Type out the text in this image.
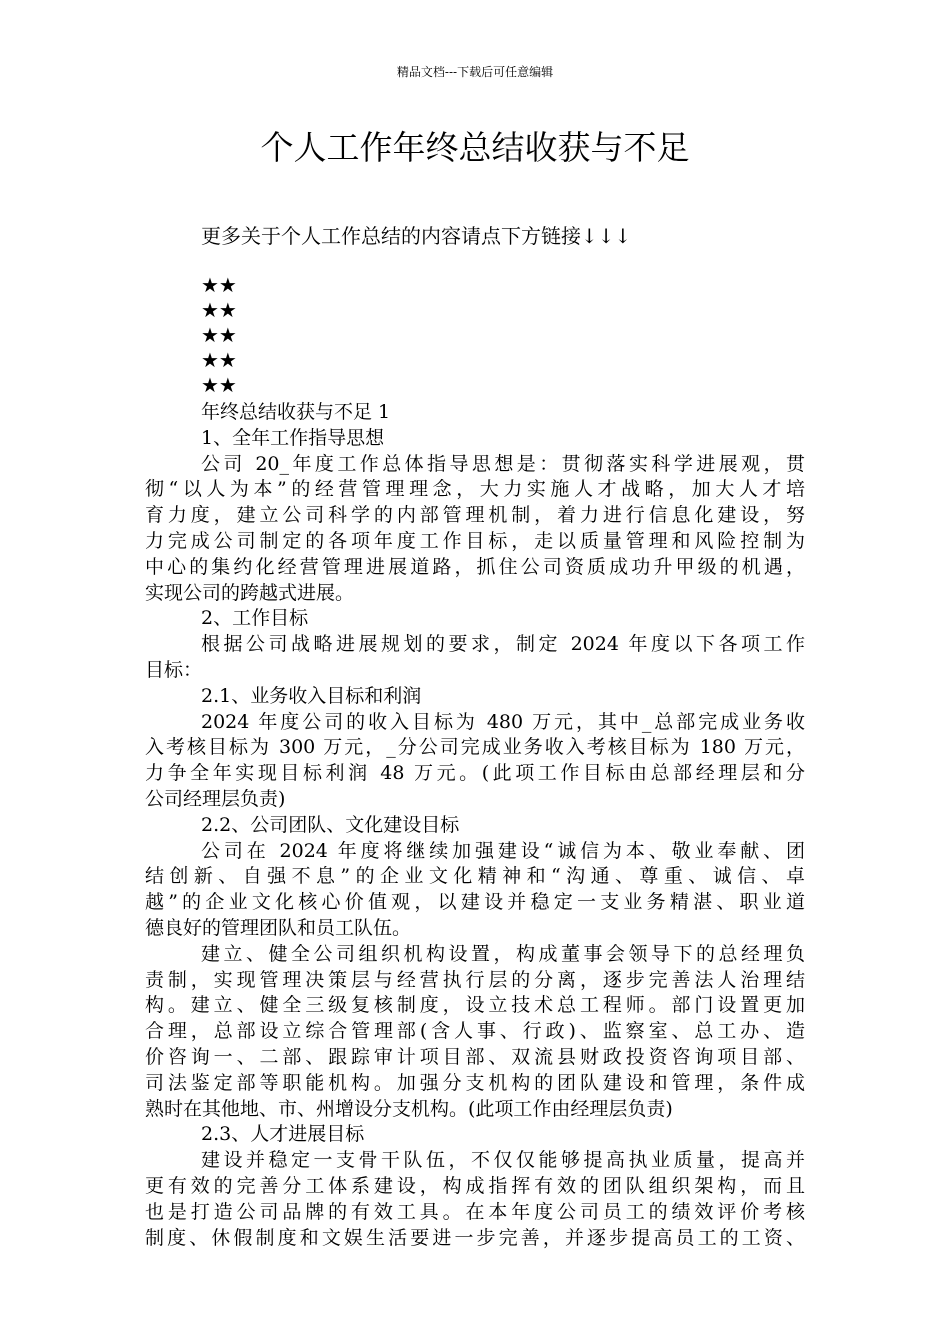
精品文档---下载后可任意编辑
个人工作年终总结收获与不足
更多关于个人工作总结的内容请点下方链接↓↓↓
★★
★★
★★
★★
★★
年终总结收获与不足 1
1、全年工作指导思想
公司 20_年度工作总体指导思想是：贯彻落实科学进展观，贯
彻“以人为本”的经营管理理念，大力实施人才战略，加大人才培
育力度，建立公司科学的内部管理机制，着力进行信息化建设，努
力完成公司制定的各项年度工作目标，走以质量管理和风险控制为
中心的集约化经营管理进展道路，抓住公司资质成功升甲级的机遇，
实现公司的跨越式进展。
2、工作目标
根据公司战略进展规划的要求，制定 2024 年度以下各项工作
目标：
2.1、业务收入目标和利润
2024 年度公司的收入目标为 480 万元，其中_总部完成业务收
入考核目标为 300 万元，_分公司完成业务收入考核目标为 180 万元，
力争全年实现目标利润 48 万元。(此项工作目标由总部经理层和分
公司经理层负责)
2.2、公司团队、文化建设目标
公司在 2024 年度将继续加强建设“诚信为本、敬业奉献、团
结创新、自强不息”的企业文化精神和“沟通、尊重、诚信、卓
越”的企业文化核心价值观，以建设并稳定一支业务精湛、职业道
德良好的管理团队和员工队伍。
建立、健全公司组织机构设置，构成董事会领导下的总经理负
责制，实现管理决策层与经营执行层的分离，逐步完善法人治理结
构。建立、健全三级复核制度，设立技术总工程师。部门设置更加
合理，总部设立综合管理部(含人事、行政)、监察室、总工办、造
价咨询一、二部、跟踪审计项目部、双流县财政投资咨询项目部、
司法鉴定部等职能机构。加强分支机构的团队建设和管理，条件成
熟时在其他地、市、州增设分支机构。(此项工作由经理层负责)
2.3、人才进展目标
建设并稳定一支骨干队伍，不仅仅能够提高执业质量，提高并
更有效的完善分工体系建设，构成指挥有效的团队组织架构，而且
也是打造公司品牌的有效工具。在本年度公司员工的绩效评价考核
制度、休假制度和文娱生活要进一步完善，并逐步提高员工的工资、
